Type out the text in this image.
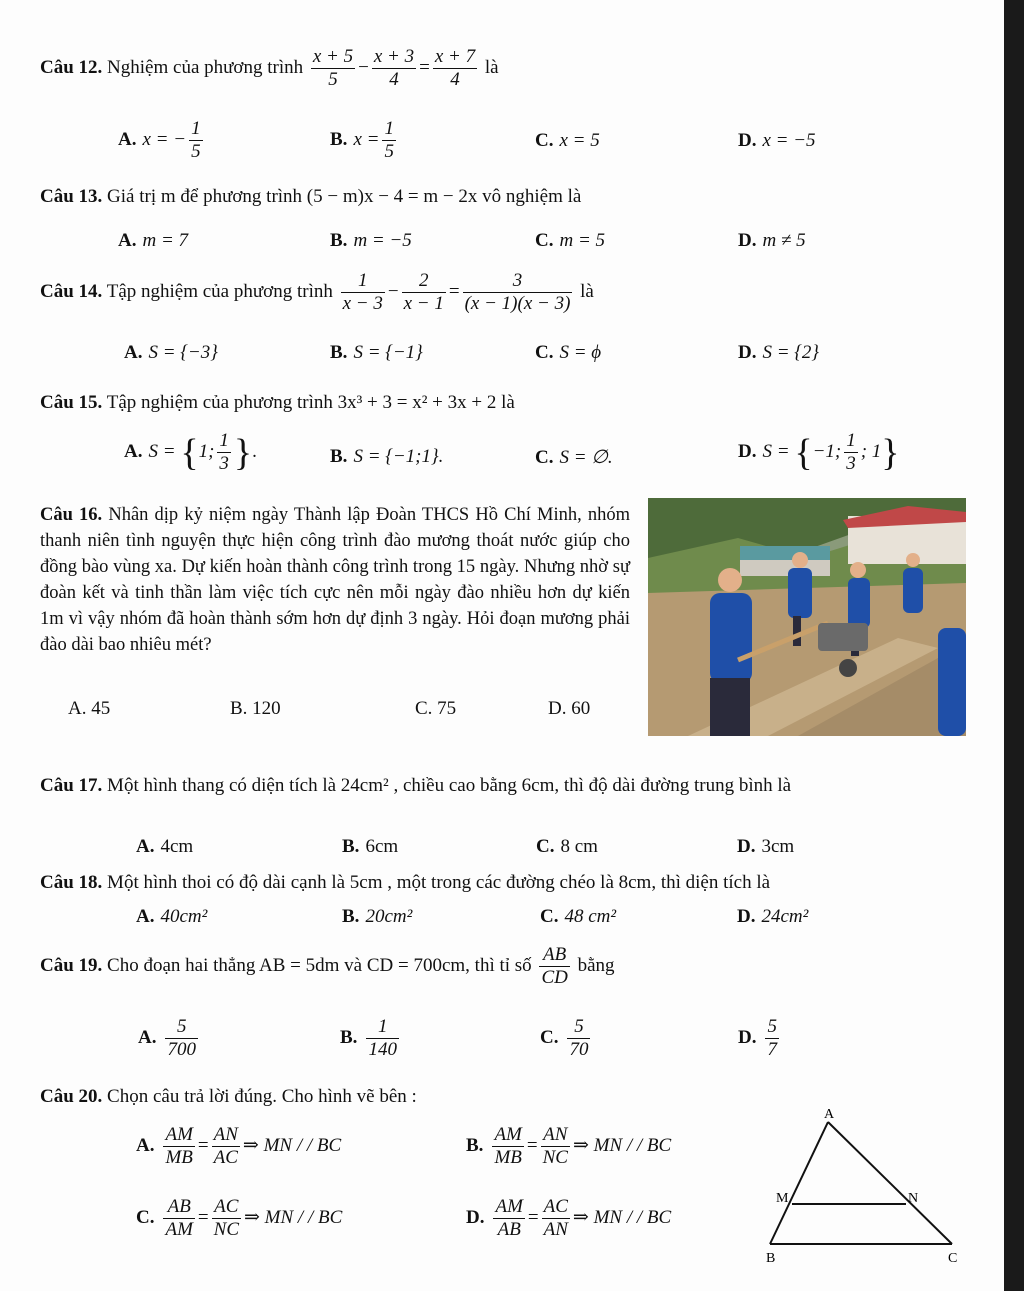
Câu 12. Nghiệm của phương trình $\frac{x + 5}{5} - \frac{x + 3}{4} = \frac{x + 7}{4}$ là
A. x = − $\frac{1}{5}$	B. $x = \frac{1}{5}$	C. x = 5	D. x = −5
Câu 13. Giá trị m để phương trình (5 − m)x − 4 = m − 2x vô nghiệm là
A. m = 7	B. m = −5	C. m = 5	D. m ≠ 5
Câu 14. Tập nghiệm của phương trình $\frac{1}{x - 3} - \frac{2}{x - 1} = \frac{3}{(x - 1)(x - 3)}$ là
A. S = {−3}	B. S = {−1}	C. S = ϕ	D. S = {2}
Câu 15. Tập nghiệm của phương trình 3x³ + 3 = x² + 3x + 2 là
A. S = {1; $\frac{1}{3}$ }.	B. S = {−1;1}.	C. S = ∅.	D. S = {−1; $\frac{1}{3}$ ; 1}
Câu 16. Nhân dịp kỷ niệm ngày Thành lập Đoàn THCS Hồ Chí Minh, nhóm thanh niên tình nguyện thực hiện công trình đào mương thoát nước giúp cho đồng bào vùng xa. Dự kiến hoàn thành công trình trong 15 ngày. Nhưng nhờ sự đoàn kết và tinh thần làm việc tích cực nên mỗi ngày đào nhiều hơn dự kiến 1m vì vậy nhóm đã hoàn thành sớm hơn dự định 3 ngày. Hỏi đoạn mương phải đào dài bao nhiêu mét?
A. 45	B. 120	C. 75	D. 60
Câu 17. Một hình thang có diện tích là 24cm² , chiều cao bằng 6cm, thì độ dài đường trung bình là
A. 4cm	B. 6cm	C. 8 cm	D. 3cm
Câu 18. Một hình thoi có độ dài cạnh là 5cm , một trong các đường chéo là 8cm, thì diện tích là
A. 40cm²	B. 20cm²	C. 48 cm²	D. 24cm²
Câu 19. Cho đoạn hai thẳng AB = 5dm và CD = 700cm, thì tỉ số $\frac{AB}{CD}$ bằng
A. $\frac{5}{700}$	B. $\frac{1}{140}$	C. $\frac{5}{70}$	D. $\frac{5}{7}$
Câu 20. Chọn câu trả lời đúng. Cho hình vẽ bên :
A. $\frac{AM}{MB} = \frac{AN}{AC}$ ⇒ MN / / BC	B. $\frac{AM}{MB} = \frac{AN}{NC}$ ⇒ MN / / BC
C. $\frac{AB}{AM} = \frac{AC}{NC}$ ⇒ MN / / BC	D. $\frac{AM}{AB} = \frac{AC}{AN}$ ⇒ MN / / BC
A
M	N
B	C
